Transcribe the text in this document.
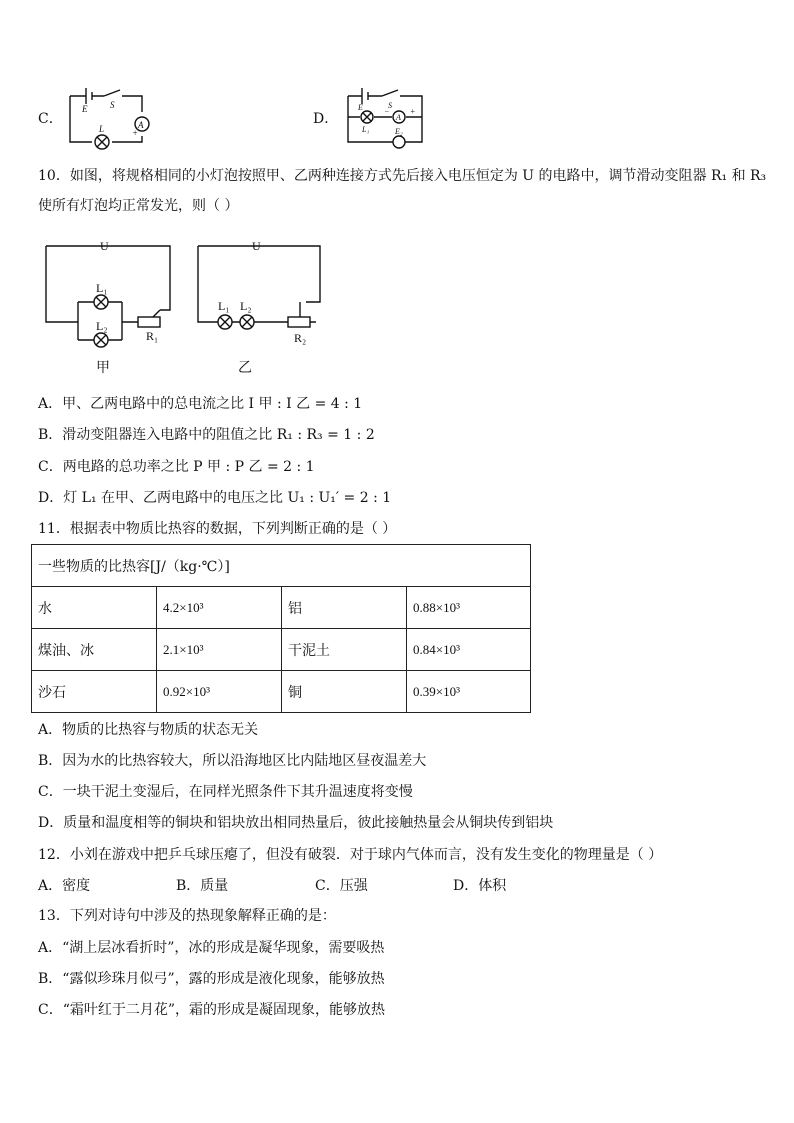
C．
E	S
L	A
+
D．
E	S
L₁	E₂
A
+
−
10．如图，将规格相同的小灯泡按照甲、乙两种连接方式先后接入电压恒定为 U 的电路中，调节滑动变阻器 R₁ 和 R₃
使所有灯泡均正常发光，则（ ）
U
L₁
L₂
R₁
U
L₁ L₂
R₂
甲	乙
A．甲、乙两电路中的总电流之比 I 甲 : I 乙 = 4 : 1
B．滑动变阻器连入电路中的阻值之比 R₁ : R₃ = 1 : 2
C．两电路的总功率之比 P 甲 : P 乙 = 2 : 1
D．灯 L₁ 在甲、乙两电路中的电压之比 U₁ : U₁′ = 2 : 1
11．根据表中物质比热容的数据，下列判断正确的是（ ）
一些物质的比热容[J/（kg·℃）]			
水	4.2×10³	铝	0.88×10³
煤油、冰	2.1×10³	干泥土	0.84×10³
沙石	0.92×10³	铜	0.39×10³
A．物质的比热容与物质的状态无关
B．因为水的比热容较大，所以沿海地区比内陆地区昼夜温差大
C．一块干泥土变湿后，在同样光照条件下其升温速度将变慢
D．质量和温度相等的铜块和铝块放出相同热量后，彼此接触热量会从铜块传到铝块
12．小刘在游戏中把乒乓球压瘪了，但没有破裂．对于球内气体而言，没有发生变化的物理量是（ ）
A．密度	B．质量	C．压强	D．体积
13．下列对诗句中涉及的热现象解释正确的是：
A．“湖上层冰看折时”，冰的形成是凝华现象，需要吸热
B．“露似珍珠月似弓”，露的形成是液化现象，能够放热
C．“霜叶红于二月花”，霜的形成是凝固现象，能够放热
